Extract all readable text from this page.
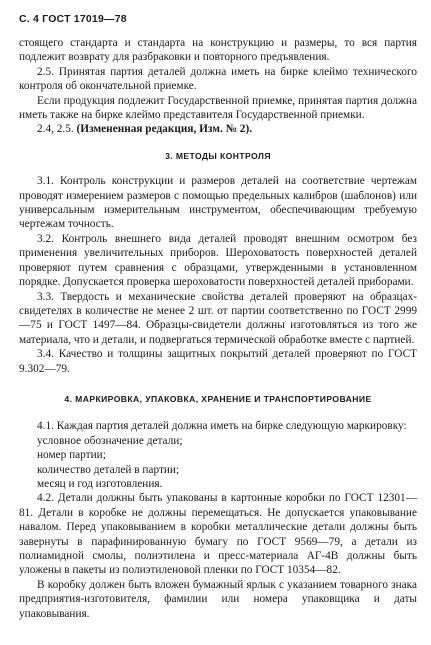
С. 4 ГОСТ 17019—78

стоящего стандарта и стандарта на конструкцию и размеры, то вся партия подлежит возврату для разбраковки и повторного предъявления.

2.5. Принятая партия деталей должна иметь на бирке клеймо технического контроля об окончательной приемке.

Если продукция подлежит Государственной приемке, принятая партия должна иметь также на бирке клеймо представителя Государственной приемки.

2.4, 2.5. (Измененная редакция, Изм. № 2).

3. МЕТОДЫ КОНТРОЛЯ

3.1. Контроль конструкции и размеров деталей на соответствие чертежам проводят измерением размеров с помощью предельных калибров (шаблонов) или универсальным измерительным инструментом, обеспечивающим требуемую чертежам точность.

3.2. Контроль внешнего вида деталей проводят внешним осмотром без применения увеличительных приборов. Шероховатость поверхностей деталей проверяют путем сравнения с образцами, утвержденными в установленном порядке. Допускается проверка шероховатости поверхностей деталей приборами.

3.3. Твердость и механические свойства деталей проверяют на образцах-свидетелях в количестве не менее 2 шт. от партии соответственно по ГОСТ 2999—75 и ГОСТ 1497—84. Образцы-свидетели должны изготовляться из того же материала, что и детали, и подвергаться термической обработке вместе с партией.

3.4. Качество и толщины защитных покрытий деталей проверяют по ГОСТ 9.302—79.

4. МАРКИРОВКА, УПАКОВКА, ХРАНЕНИЕ И ТРАНСПОРТИРОВАНИЕ

4.1. Каждая партия деталей должна иметь на бирке следующую маркировку:

условное обозначение детали;

номер партии;

количество деталей в партии;

месяц и год изготовления.

4.2. Детали должны быть упакованы в картонные коробки по ГОСТ 12301—81. Детали в коробке не должны перемещаться. Не допускается упаковывание навалом. Перед упаковыванием в коробки металлические детали должны быть завернуты в парафинированную бумагу по ГОСТ 9569—79, а детали из полиамидной смолы, полиэтилена и пресс-материала АГ-4В должны быть уложены в пакеты из полиэтиленовой пленки по ГОСТ 10354—82.

В коробку должен быть вложен бумажный ярлык с указанием товарного знака предприятия-изготовителя, фамилии или номера упаковщика и даты упаковывания.
